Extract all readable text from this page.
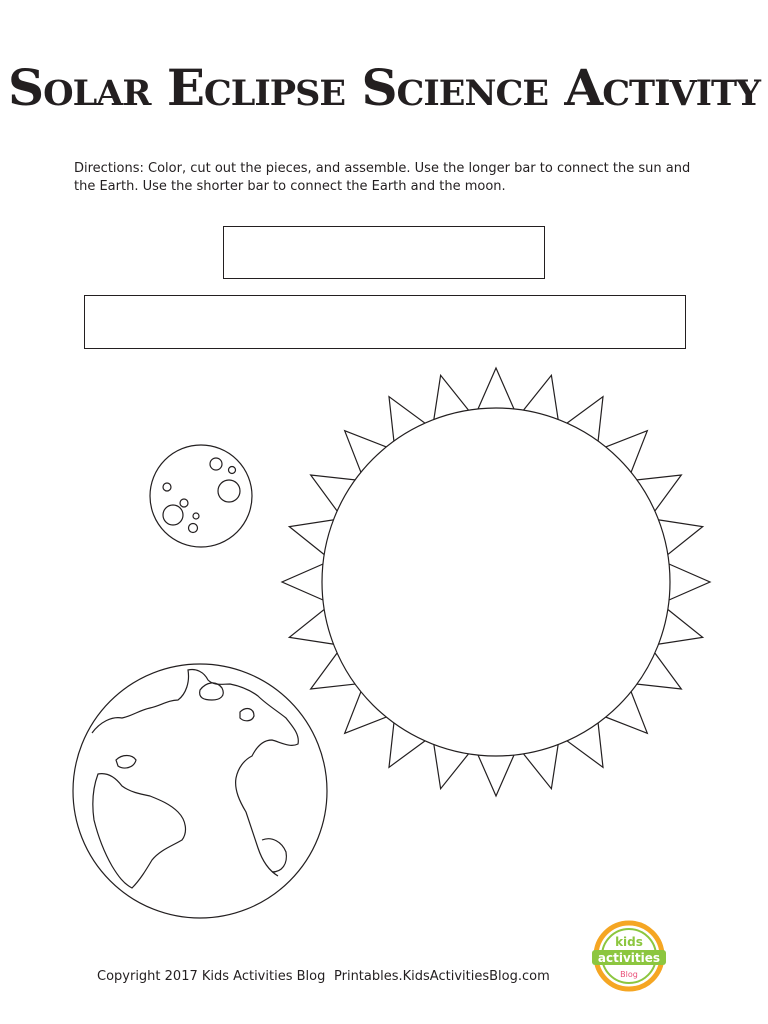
Solar Eclipse Science Activity

Directions: Color, cut out the pieces, and assemble. Use the longer bar to connect the sun and the Earth. Use the shorter bar to connect the Earth and the moon.

kids
activities
Blog

Copyright 2017 Kids Activities Blog Printables.KidsActivitiesBlog.com
